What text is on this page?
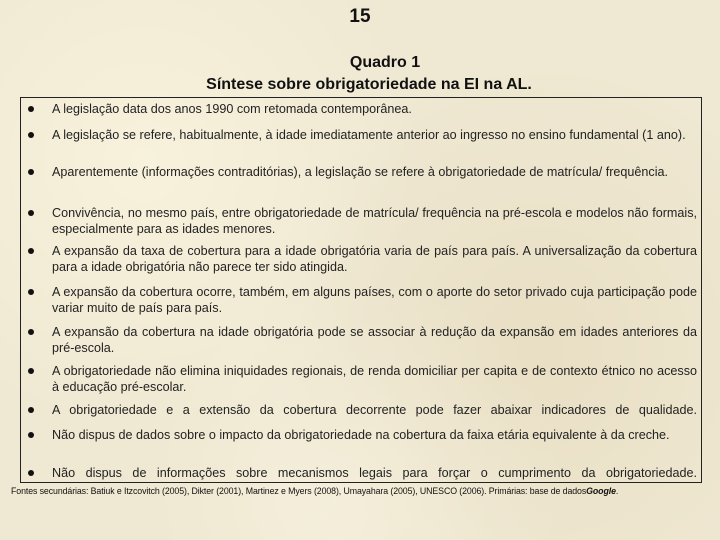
15
Quadro 1
Síntese sobre obrigatoriedade na EI na AL.
A legislação data dos anos 1990 com retomada contemporânea.
A legislação se refere, habitualmente, à idade imediatamente anterior ao ingresso no ensino fundamental (1 ano).
Aparentemente (informações contraditórias), a legislação se refere à obrigatoriedade de matrícula/ frequência.
Convivência, no mesmo país, entre obrigatoriedade de matrícula/ frequência na pré-escola e modelos não formais, especialmente para as idades menores.
A expansão da taxa de cobertura para a idade obrigatória varia de país para país. A universalização da cobertura para a idade obrigatória não parece ter sido atingida.
A expansão da cobertura ocorre, também, em alguns países, com o aporte do setor privado cuja participação pode variar muito de país para país.
A expansão da cobertura na idade obrigatória pode se associar à redução da expansão em idades anteriores da pré-escola.
A obrigatoriedade não elimina iniquidades regionais, de renda domiciliar per capita e de contexto étnico no acesso à educação pré-escolar.
A obrigatoriedade e a extensão da cobertura decorrente pode fazer abaixar indicadores de qualidade.
Não dispus de dados sobre o impacto da obrigatoriedade na cobertura da faixa etária equivalente à da creche.
Não dispus de informações sobre mecanismos legais para forçar o cumprimento da obrigatoriedade.
Fontes secundárias: Batiuk e Itzcovitch (2005), Dikter (2001), Martinez e Myers (2008), Umayahara (2005), UNESCO (2006). Primárias: base de dadosGoogle.
